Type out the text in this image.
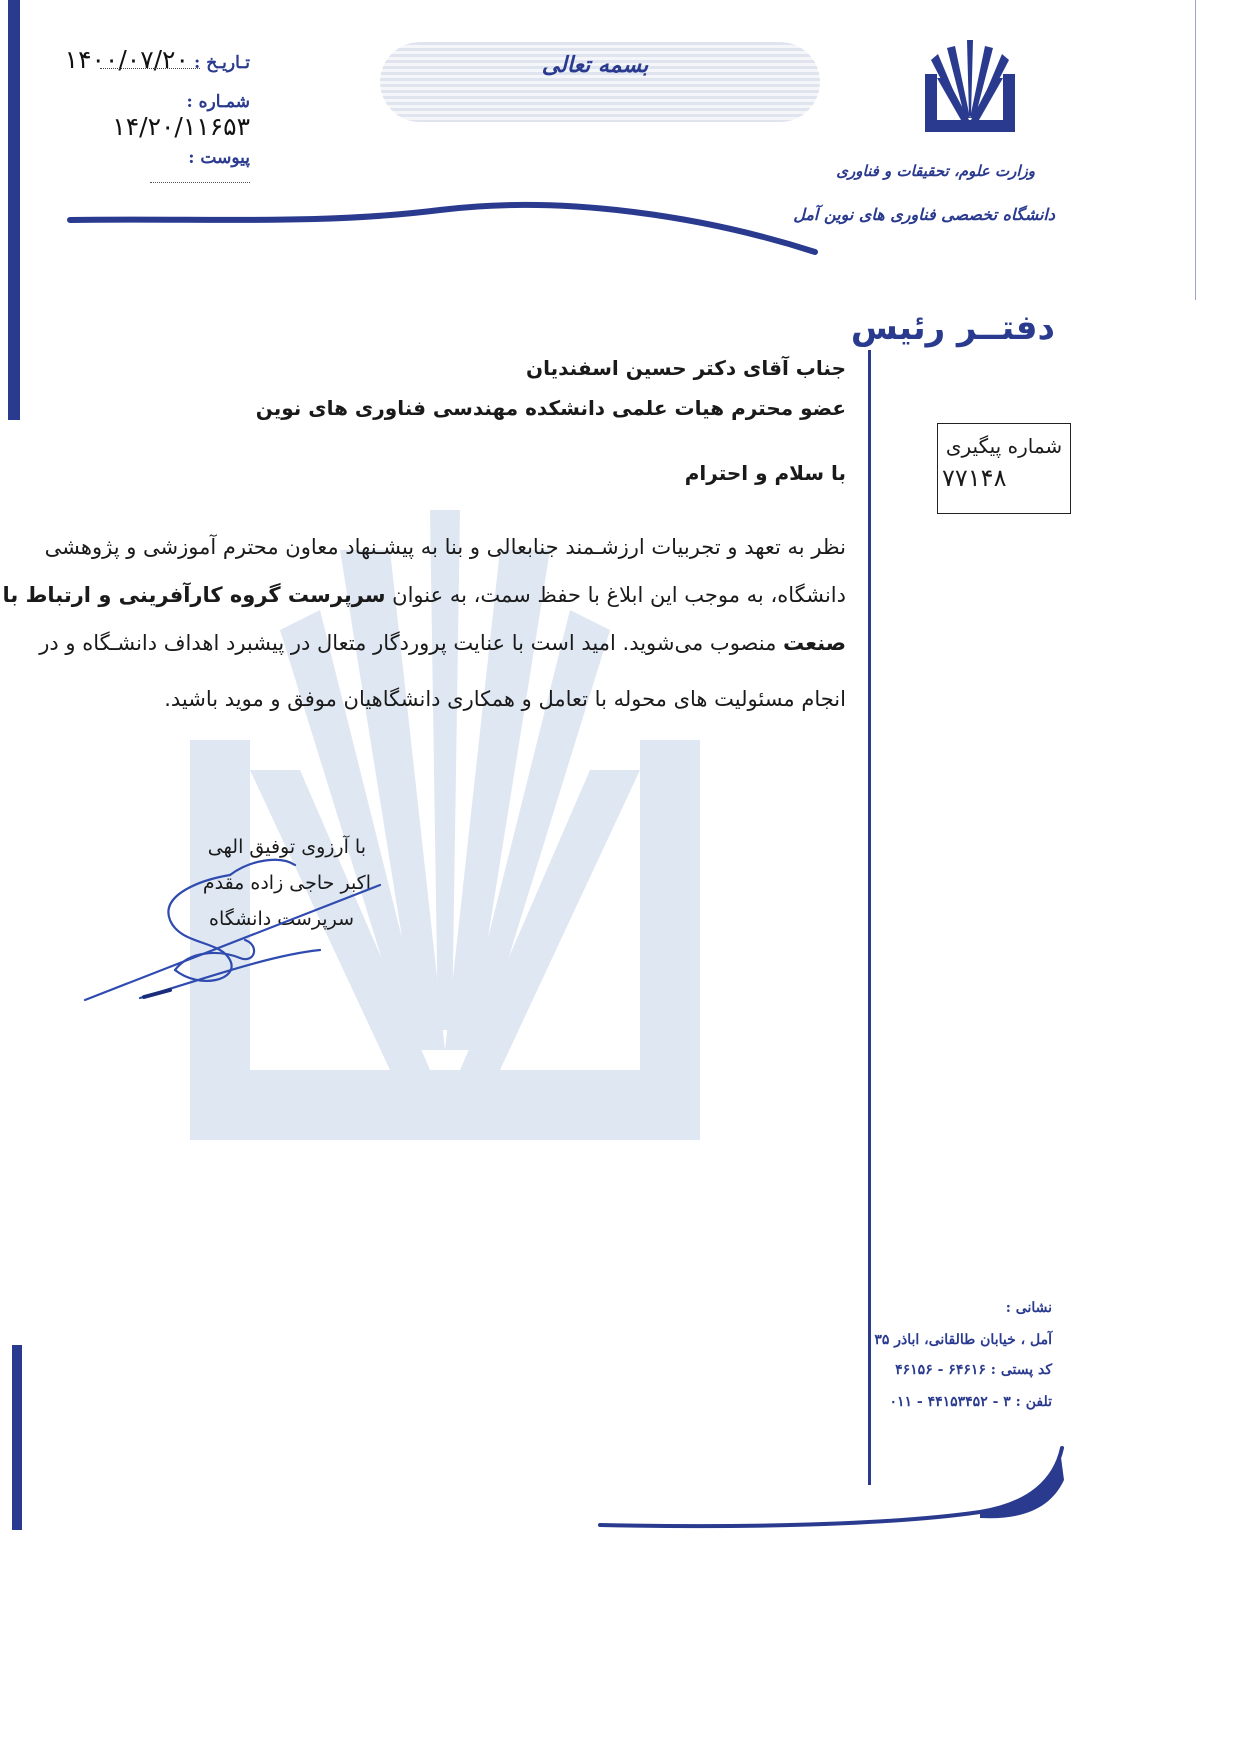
بسمه تعالی
تـاریـخ : ۱۴۰۰/۰۷/۲۰
شمـاره : ۱۴/۲۰/۱۱۶۵۳
پیوست :
وزارت علوم، تحقیقات و فناوری
دانشگاه تخصصی فناوری های نوین آمل
دفتــر رئیس
شماره پیگیری
۷۷۱۴۸
جناب آقای دکتر حسین اسفندیان
عضو محترم هیات علمی دانشکده مهندسی فناوری های نوین
با سلام و احترام
نظر به تعهد و تجربیات ارزشـمند جنابعالی و بنا به پیشـنهاد معاون محترم آموزشی و پژوهشی
دانشگاه، به موجب این ابلاغ با حفظ سمت، به عنوان سرپرست گروه کارآفرینی و ارتباط با
صنعت منصوب می‌شوید. امید است با عنایت پروردگار متعال در پیشبرد اهداف دانشـگاه و در
انجام مسئولیت های محوله با تعامل و همکاری دانشگاهیان موفق و موید باشید.
با آرزوی توفیق الهی
اکبر حاجی زاده مقدم
سرپرست دانشگاه
نشانی :
آمل ، خیابان طالقانی، اباذر ۳۵
کد پستی : ۶۴۶۱۶ - ۴۶۱۵۶
تلفن : ۳ - ۴۴۱۵۳۴۵۲ - ۰۱۱
